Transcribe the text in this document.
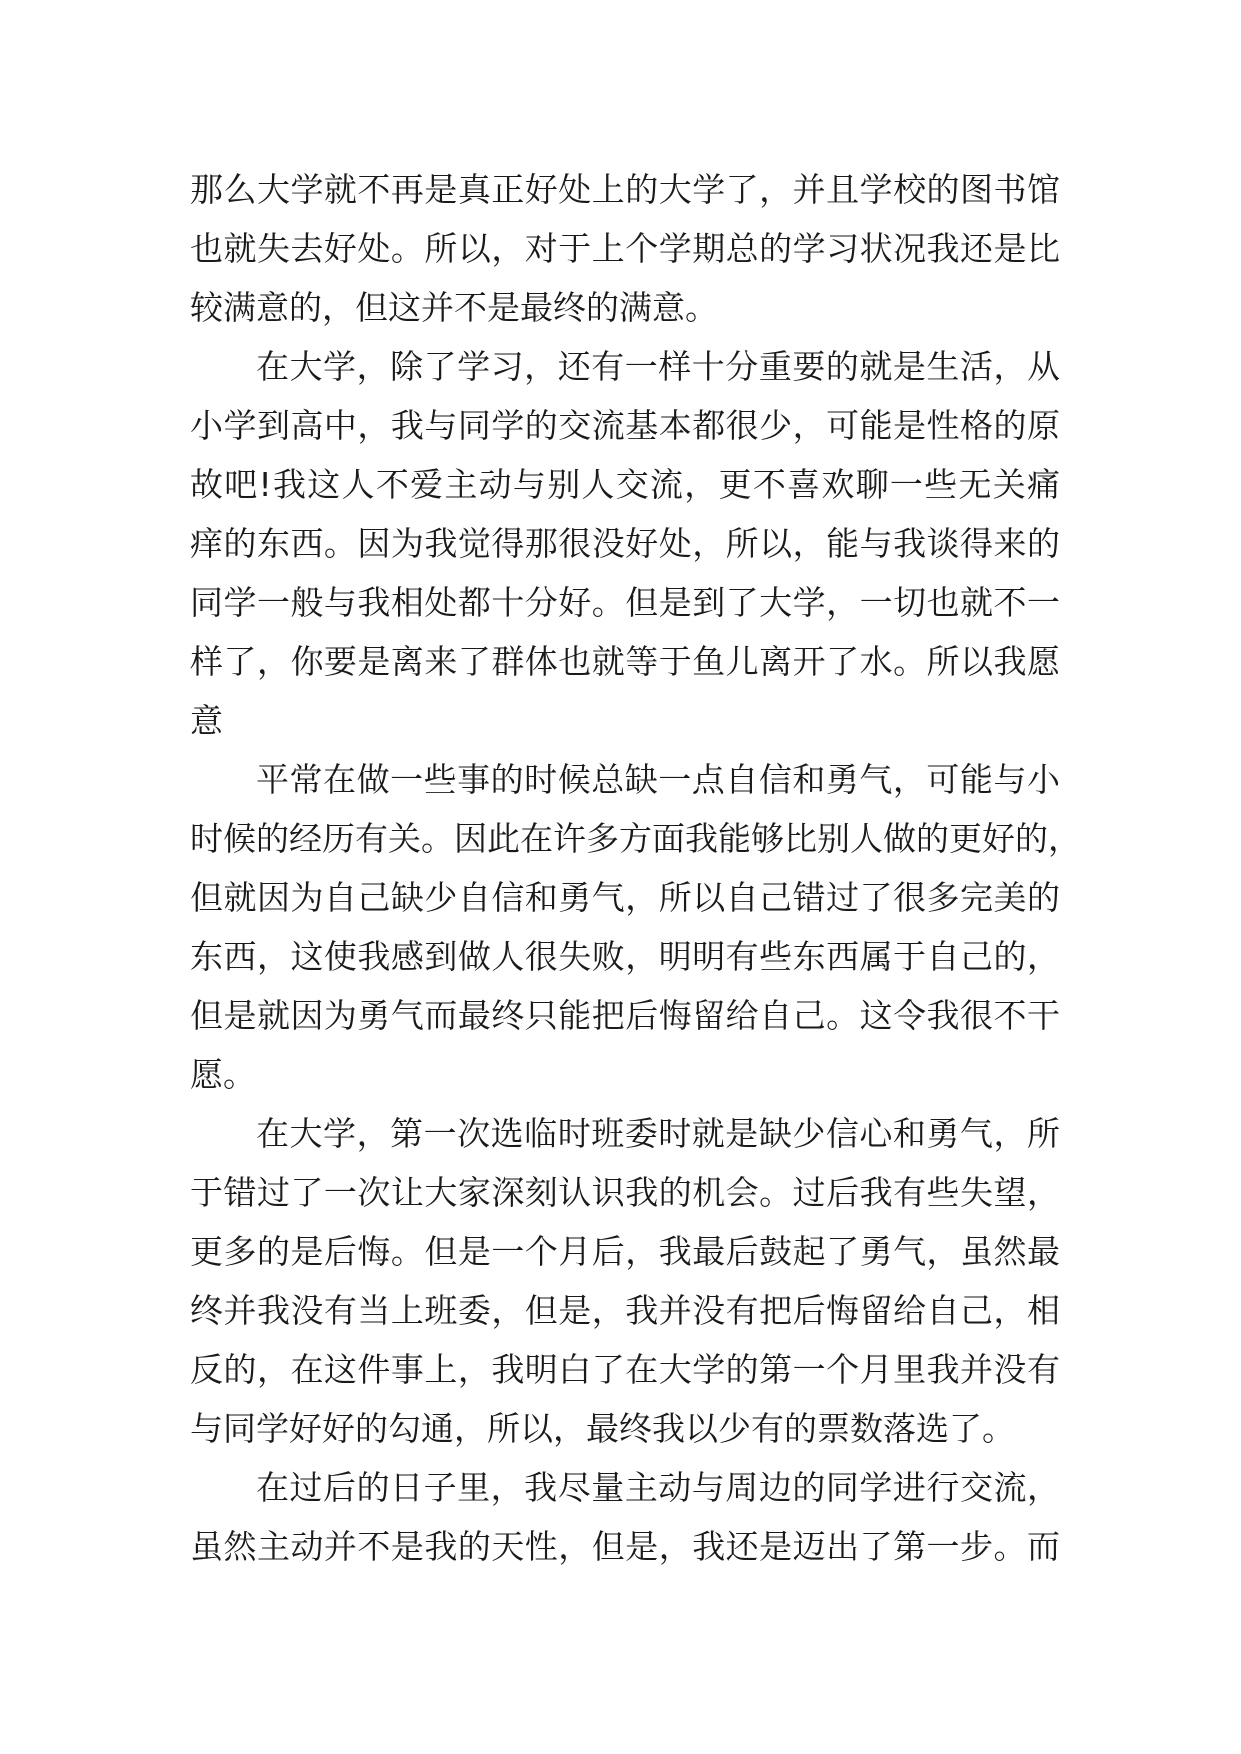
那么大学就不再是真正好处上的大学了，并且学校的图书馆
也就失去好处。所以，对于上个学期总的学习状况我还是比
较满意的，但这并不是最终的满意。
在大学，除了学习，还有一样十分重要的就是生活，从
小学到高中，我与同学的交流基本都很少，可能是性格的原
故吧!我这人不爱主动与别人交流，更不喜欢聊一些无关痛
痒的东西。因为我觉得那很没好处，所以，能与我谈得来的
同学一般与我相处都十分好。但是到了大学，一切也就不一
样了，你要是离来了群体也就等于鱼儿离开了水。所以我愿
意
平常在做一些事的时候总缺一点自信和勇气，可能与小
时候的经历有关。因此在许多方面我能够比别人做的更好的，
但就因为自己缺少自信和勇气，所以自己错过了很多完美的
东西，这使我感到做人很失败，明明有些东西属于自己的，
但是就因为勇气而最终只能把后悔留给自己。这令我很不干
愿。
在大学，第一次选临时班委时就是缺少信心和勇气，所
于错过了一次让大家深刻认识我的机会。过后我有些失望，
更多的是后悔。但是一个月后，我最后鼓起了勇气，虽然最
终并我没有当上班委，但是，我并没有把后悔留给自己，相
反的，在这件事上，我明白了在大学的第一个月里我并没有
与同学好好的勾通，所以，最终我以少有的票数落选了。
在过后的日子里，我尽量主动与周边的同学进行交流，
虽然主动并不是我的天性，但是，我还是迈出了第一步。而
